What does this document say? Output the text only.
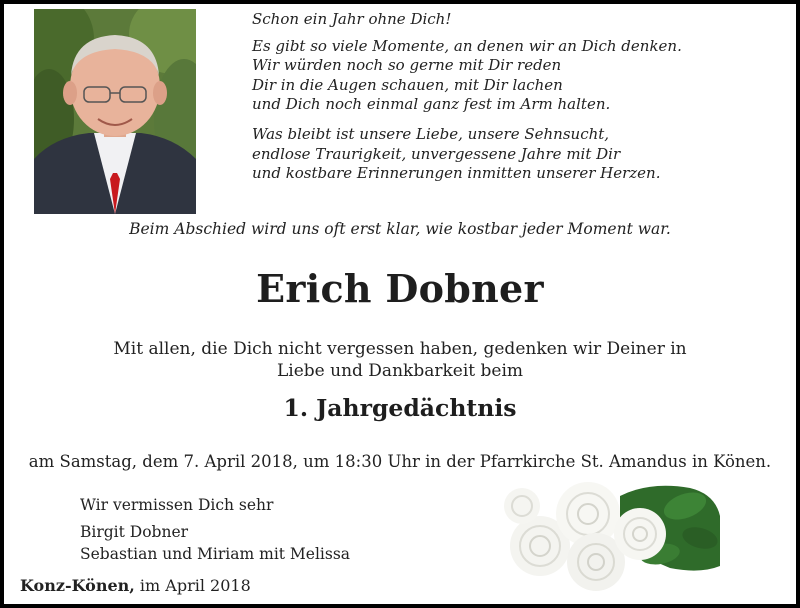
Schon ein Jahr ohne Dich!

Es gibt so viele Momente, an denen wir an Dich denken.
Wir würden noch so gerne mit Dir reden
Dir in die Augen schauen, mit Dir lachen
und Dich noch einmal ganz fest im Arm halten.

Was bleibt ist unsere Liebe, unsere Sehnsucht,
endlose Traurigkeit, unvergessene Jahre mit Dir
und kostbare Erinnerungen inmitten unserer Herzen.

Beim Abschied wird uns oft erst klar, wie kostbar jeder Moment war.
Erich Dobner
Mit allen, die Dich nicht vergessen haben, gedenken wir Deiner in
Liebe und Dankbarkeit beim
1. Jahrgedächtnis
am Samstag, dem 7. April 2018, um 18:30 Uhr in der Pfarrkirche St. Amandus in Könen.
Wir vermissen Dich sehr
Birgit Dobner
Sebastian und Miriam mit Melissa
Konz-Könen, im April 2018
